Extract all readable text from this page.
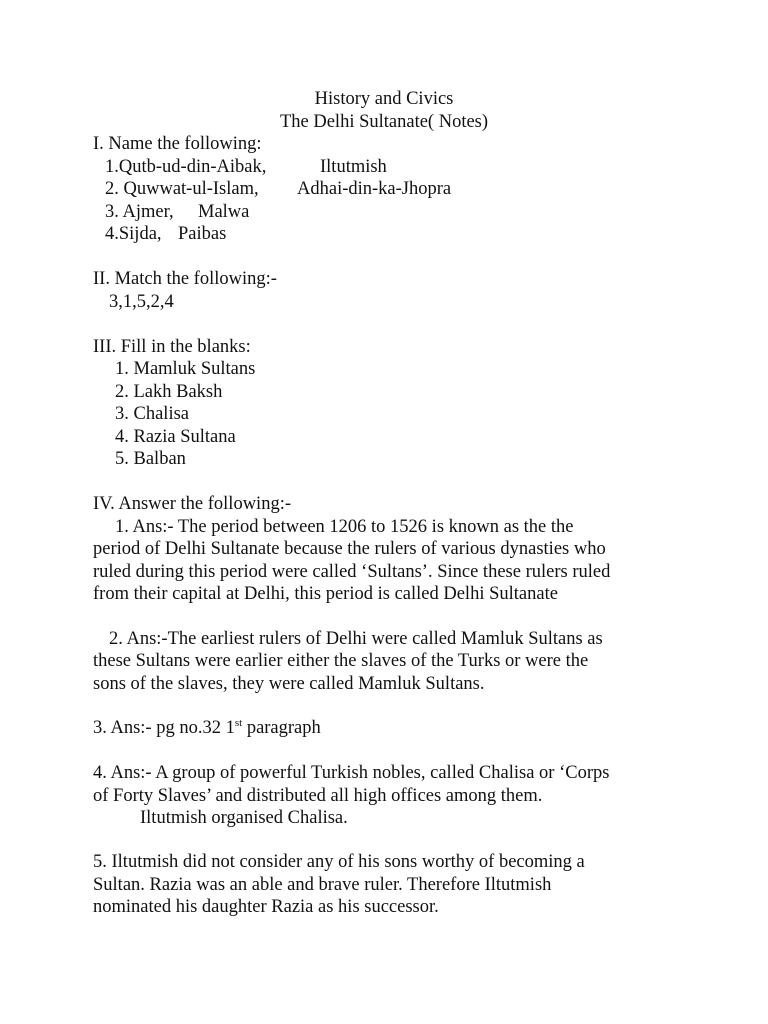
History and Civics
The Delhi Sultanate( Notes)
I. Name the following:
1.Qutb-ud-din-Aibak,	Iltutmish
2. Quwwat-ul-Islam, Adhai-din-ka-Jhopra
3. Ajmer, Malwa
4.Sijda, Paibas
II. Match the following:-
3,1,5,2,4
III. Fill in the blanks:
1. Mamluk Sultans
2. Lakh Baksh
3. Chalisa
4. Razia Sultana
5. Balban
IV. Answer the following:-
1. Ans:- The period between 1206 to 1526 is known as the the
period of Delhi Sultanate because the rulers of various dynasties who
ruled during this period were called ‘Sultans’. Since these rulers ruled
from their capital at Delhi, this period is called Delhi Sultanate
2. Ans:-The earliest rulers of Delhi were called Mamluk Sultans as
these Sultans were earlier either the slaves of the Turks or were the
sons of the slaves, they were called Mamluk Sultans.
3. Ans:- pg no.32 1st paragraph
4. Ans:- A group of powerful Turkish nobles, called Chalisa or ‘Corps
of Forty Slaves’ and distributed all high offices among them.
Iltutmish organised Chalisa.
5. Iltutmish did not consider any of his sons worthy of becoming a
Sultan. Razia was an able and brave ruler. Therefore Iltutmish
nominated his daughter Razia as his successor.
